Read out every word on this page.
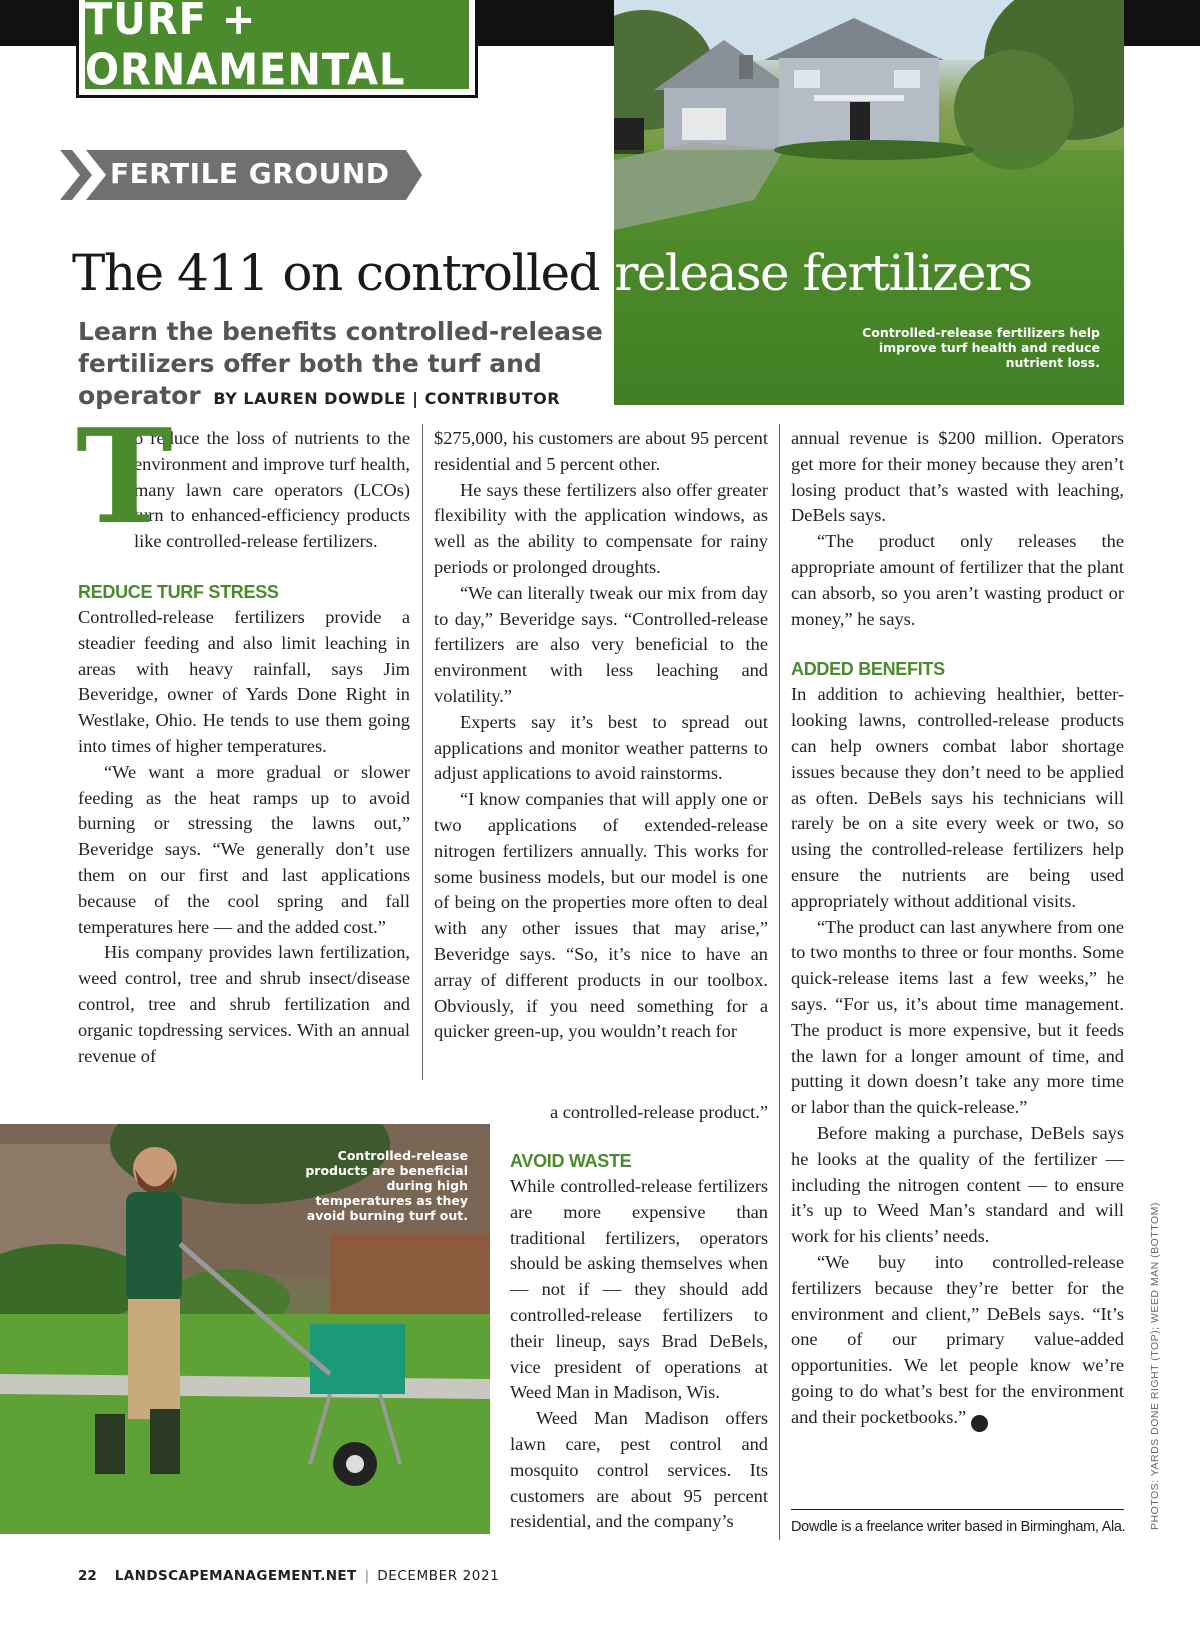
TURF + ORNAMENTAL
Controlled-release fertilizers help improve turf health and reduce nutrient loss.
FERTILE GROUND
The 411 on controlled-release fertilizers
Learn the benefits controlled-release fertilizers offer both the turf and operator BY LAUREN DOWDLE | CONTRIBUTOR
T

o reduce the loss of nutrients to the environment and improve turf health, many lawn care operators (LCOs) turn to enhanced-efficiency products like controlled-release fertilizers.

REDUCE TURF STRESS

Controlled-release fertilizers provide a steadier feeding and also limit leaching in areas with heavy rainfall, says Jim Beveridge, owner of Yards Done Right in Westlake, Ohio. He tends to use them going into times of higher temperatures.

“We want a more gradual or slower feeding as the heat ramps up to avoid burning or stressing the lawns out,” Beveridge says. “We generally don’t use them on our first and last applications because of the cool spring and fall temperatures here — and the added cost.”

His company provides lawn fertilization, weed control, tree and shrub insect/disease control, tree and shrub fertilization and organic topdressing services. With an annual revenue of

$275,000, his customers are about 95 percent residential and 5 percent other.

He says these fertilizers also offer greater flexibility with the application windows, as well as the ability to compensate for rainy periods or prolonged droughts.

“We can literally tweak our mix from day to day,” Beveridge says. “Controlled-release fertilizers are also very beneficial to the environment with less leaching and volatility.”

Experts say it’s best to spread out applications and monitor weather patterns to adjust applications to avoid rainstorms.

“I know companies that will apply one or two applications of extended-release nitrogen fertilizers annually. This works for some business models, but our model is one of being on the properties more often to deal with any other issues that may arise,” Beveridge says. “So, it’s nice to have an array of different products in our toolbox. Obviously, if you need something for a quicker green-up, you wouldn’t reach for

a controlled-release product.”
AVOID WASTE

While controlled-release fertilizers are more expensive than traditional fertilizers, operators should be asking themselves when — not if — they should add controlled-release fertilizers to their lineup, says Brad DeBels, vice president of operations at Weed Man in Madison, Wis.

Weed Man Madison offers lawn care, pest control and mosquito control services. Its customers are about 95 percent residential, and the company’s

annual revenue is $200 million. Operators get more for their money because they aren’t losing product that’s wasted with leaching, DeBels says.

“The product only releases the appropriate amount of fertilizer that the plant can absorb, so you aren’t wasting product or money,” he says.

ADDED BENEFITS

In addition to achieving healthier, better-looking lawns, controlled-release products can help owners combat labor shortage issues because they don’t need to be applied as often. DeBels says his technicians will rarely be on a site every week or two, so using the controlled-release fertilizers help ensure the nutrients are being used appropriately without additional visits.

“The product can last anywhere from one to two months to three or four months. Some quick-release items last a few weeks,” he says. “For us, it’s about time management. The product is more expensive, but it feeds the lawn for a longer amount of time, and putting it down doesn’t take any more time or labor than the quick-release.”

Before making a purchase, DeBels says he looks at the quality of the fertilizer — including the nitrogen content — to ensure it’s up to Weed Man’s standard and will work for his clients’ needs.

“We buy into controlled-release fertilizers because they’re better for the environment and client,” DeBels says. “It’s one of our primary value-added opportunities. We let people know we’re going to do what’s best for the environment and their pocketbooks.”	LM

Controlled-release products are beneficial during high temperatures as they avoid burning turf out.
Dowdle is a freelance writer based in Birmingham, Ala. PHOTOS: YARDS DONE RIGHT (TOP); WEED MAN (BOTTOM)
22 LANDSCAPEMANAGEMENT.NET | DECEMBER 2021
